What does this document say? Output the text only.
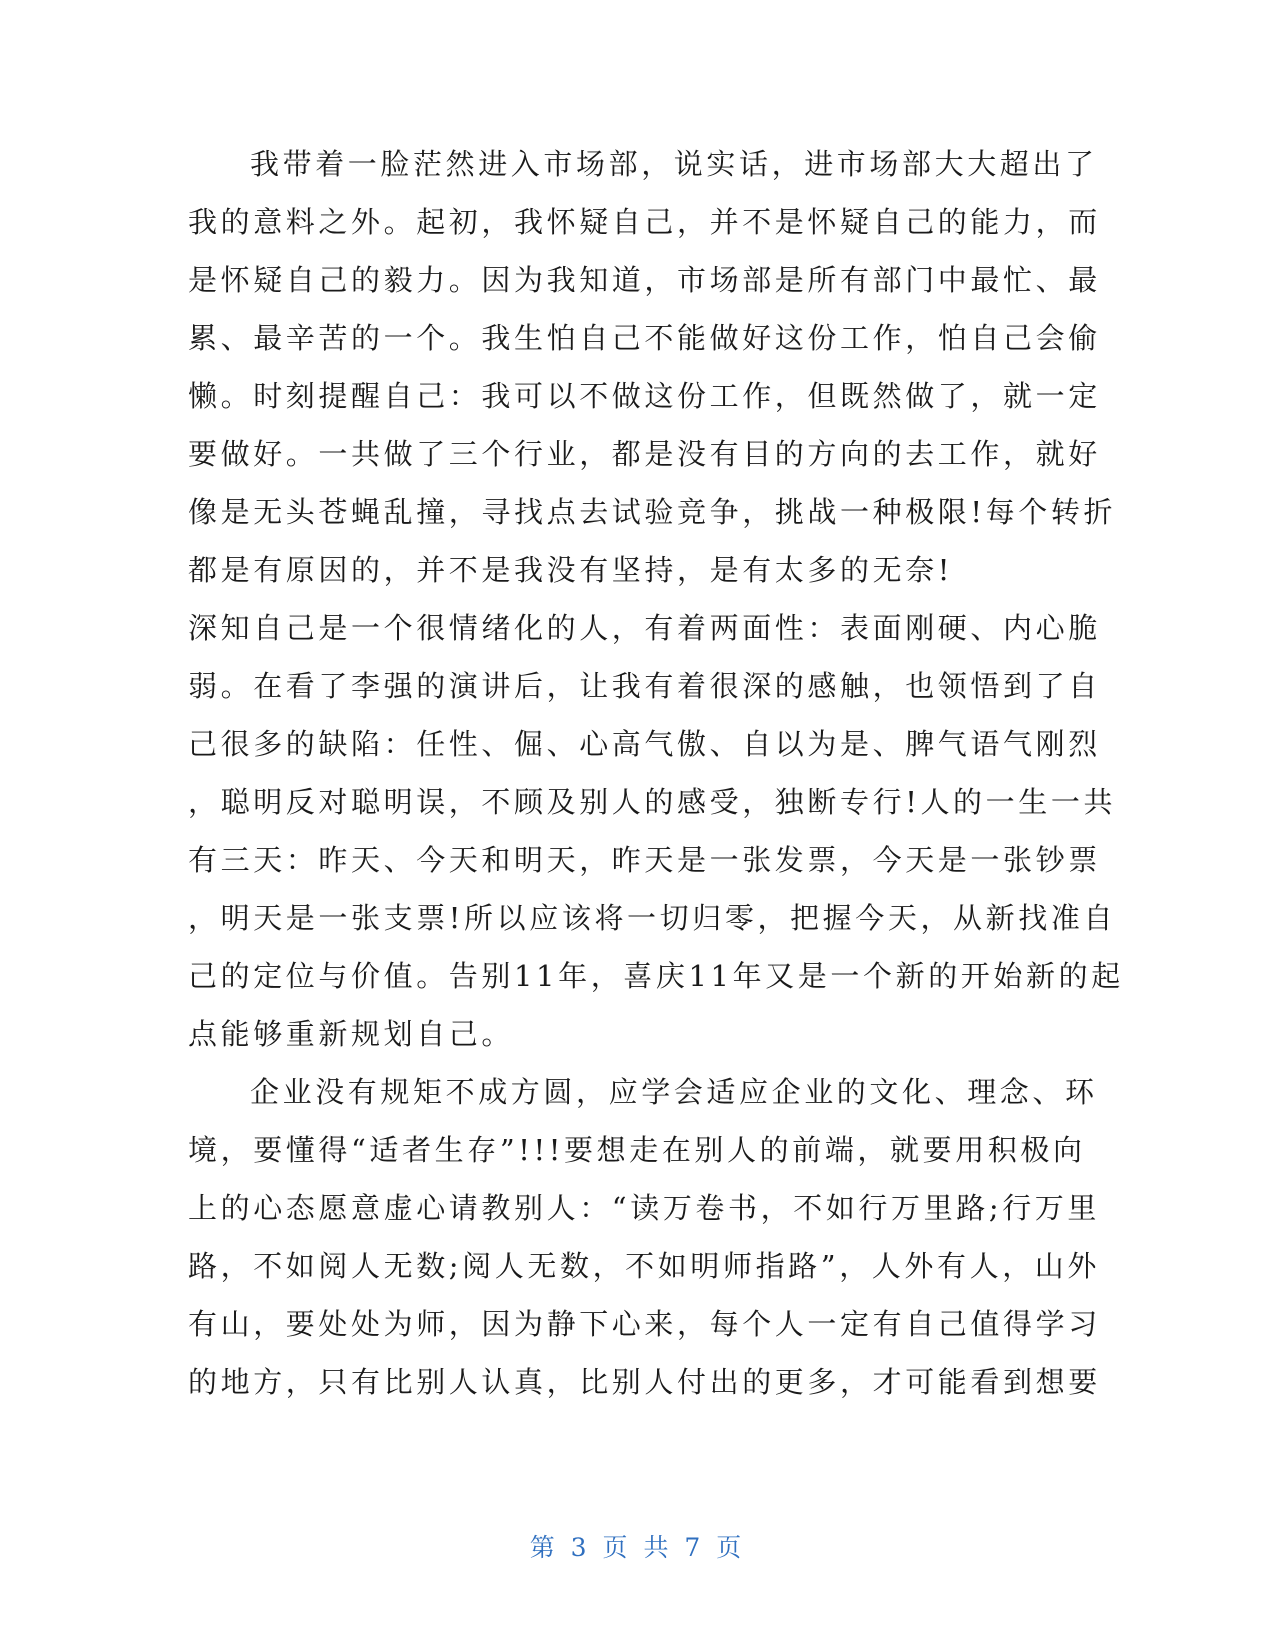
我带着一脸茫然进入市场部，说实话，进市场部大大超出了
我的意料之外。起初，我怀疑自己，并不是怀疑自己的能力，而
是怀疑自己的毅力。因为我知道，市场部是所有部门中最忙、最
累、最辛苦的一个。我生怕自己不能做好这份工作，怕自己会偷
懒。时刻提醒自己：我可以不做这份工作，但既然做了，就一定
要做好。一共做了三个行业，都是没有目的方向的去工作，就好
像是无头苍蝇乱撞，寻找点去试验竞争，挑战一种极限!每个转折
都是有原因的，并不是我没有坚持，是有太多的无奈!
深知自己是一个很情绪化的人，有着两面性：表面刚硬、内心脆
弱。在看了李强的演讲后，让我有着很深的感触，也领悟到了自
己很多的缺陷：任性、倔、心高气傲、自以为是、脾气语气刚烈
，聪明反对聪明误，不顾及别人的感受，独断专行!人的一生一共
有三天：昨天、今天和明天，昨天是一张发票，今天是一张钞票
，明天是一张支票!所以应该将一切归零，把握今天，从新找准自
己的定位与价值。告别11年，喜庆11年又是一个新的开始新的起
点能够重新规划自己。
企业没有规矩不成方圆，应学会适应企业的文化、理念、环
境，要懂得“适者生存”!!!要想走在别人的前端，就要用积极向
上的心态愿意虚心请教别人：“读万卷书，不如行万里路;行万里
路，不如阅人无数;阅人无数，不如明师指路”，人外有人，山外
有山，要处处为师，因为静下心来，每个人一定有自己值得学习
的地方，只有比别人认真，比别人付出的更多，才可能看到想要
第 3 页 共 7 页
